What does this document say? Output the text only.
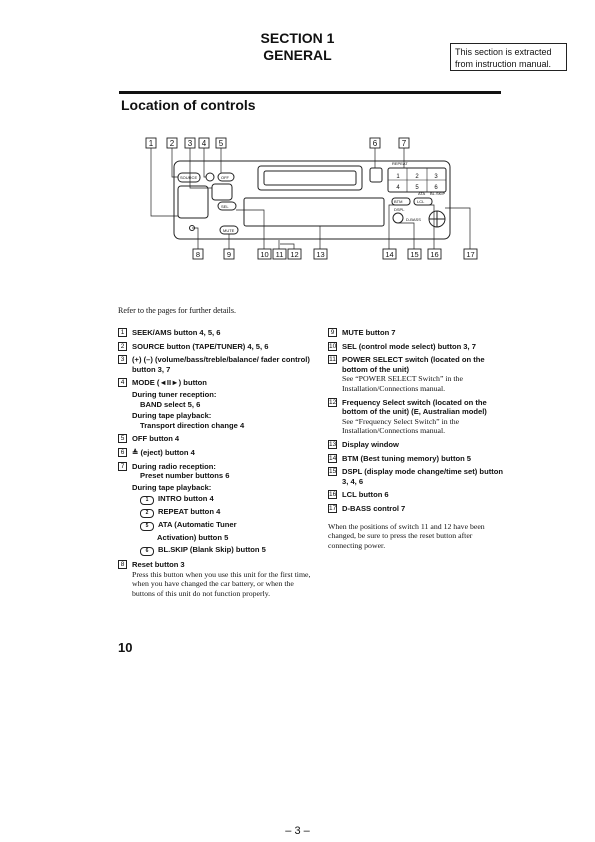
SECTION 1
GENERAL	This section is extracted
from instruction manual.
Location of controls
1 2 3 4 5	6	7
SOURCE	OFF
SEL
MUTE
DSPL
D-BASS
BTM	LCL
REPEAT
ATA BL.SKIP
1	2	3
4	5	6
8	9	10 11 12 13	14 15 16	17
Refer to the pages for further details.
1	SEEK/AMS button 4, 5, 6
2	SOURCE button (TAPE/TUNER) 4, 5, 6
3	(+) (–) (volume/bass/treble/balance/ fader control) button 3, 7
4	MODE (◄II►) button
During tuner reception:
BAND select 5, 6
During tape playback:
Transport direction change 4
5	OFF button 4
6	≜ (eject) button 4
7	During radio reception:
Preset number buttons 6
During tape playback:
1 INTRO button 4
2 REPEAT button 4
5 ATA (Automatic Tuner
Activation) button 5
6 BL.SKIP (Blank Skip) button 5
8	Reset button 3
Press this button when you use this unit for the first time, when you have changed the car battery, or when the buttons of this unit do not function properly.
9	MUTE button 7
10 SEL (control mode select) button 3, 7
11 POWER SELECT switch (located on the bottom of the unit)
See “POWER SELECT Switch” in the Installation/Connections manual.
12 Frequency Select switch (located on the bottom of the unit) (E, Australian model)
See “Frequency Select Switch” in the Installation/Connections manual.
13 Display window
14 BTM (Best tuning memory) button 5
15 DSPL (display mode change/time set) button 3, 4, 6
16 LCL button 6
17 D-BASS control 7
When the positions of switch 11 and 12 have been changed, be sure to press the reset button after connecting power.
10
– 3 –
